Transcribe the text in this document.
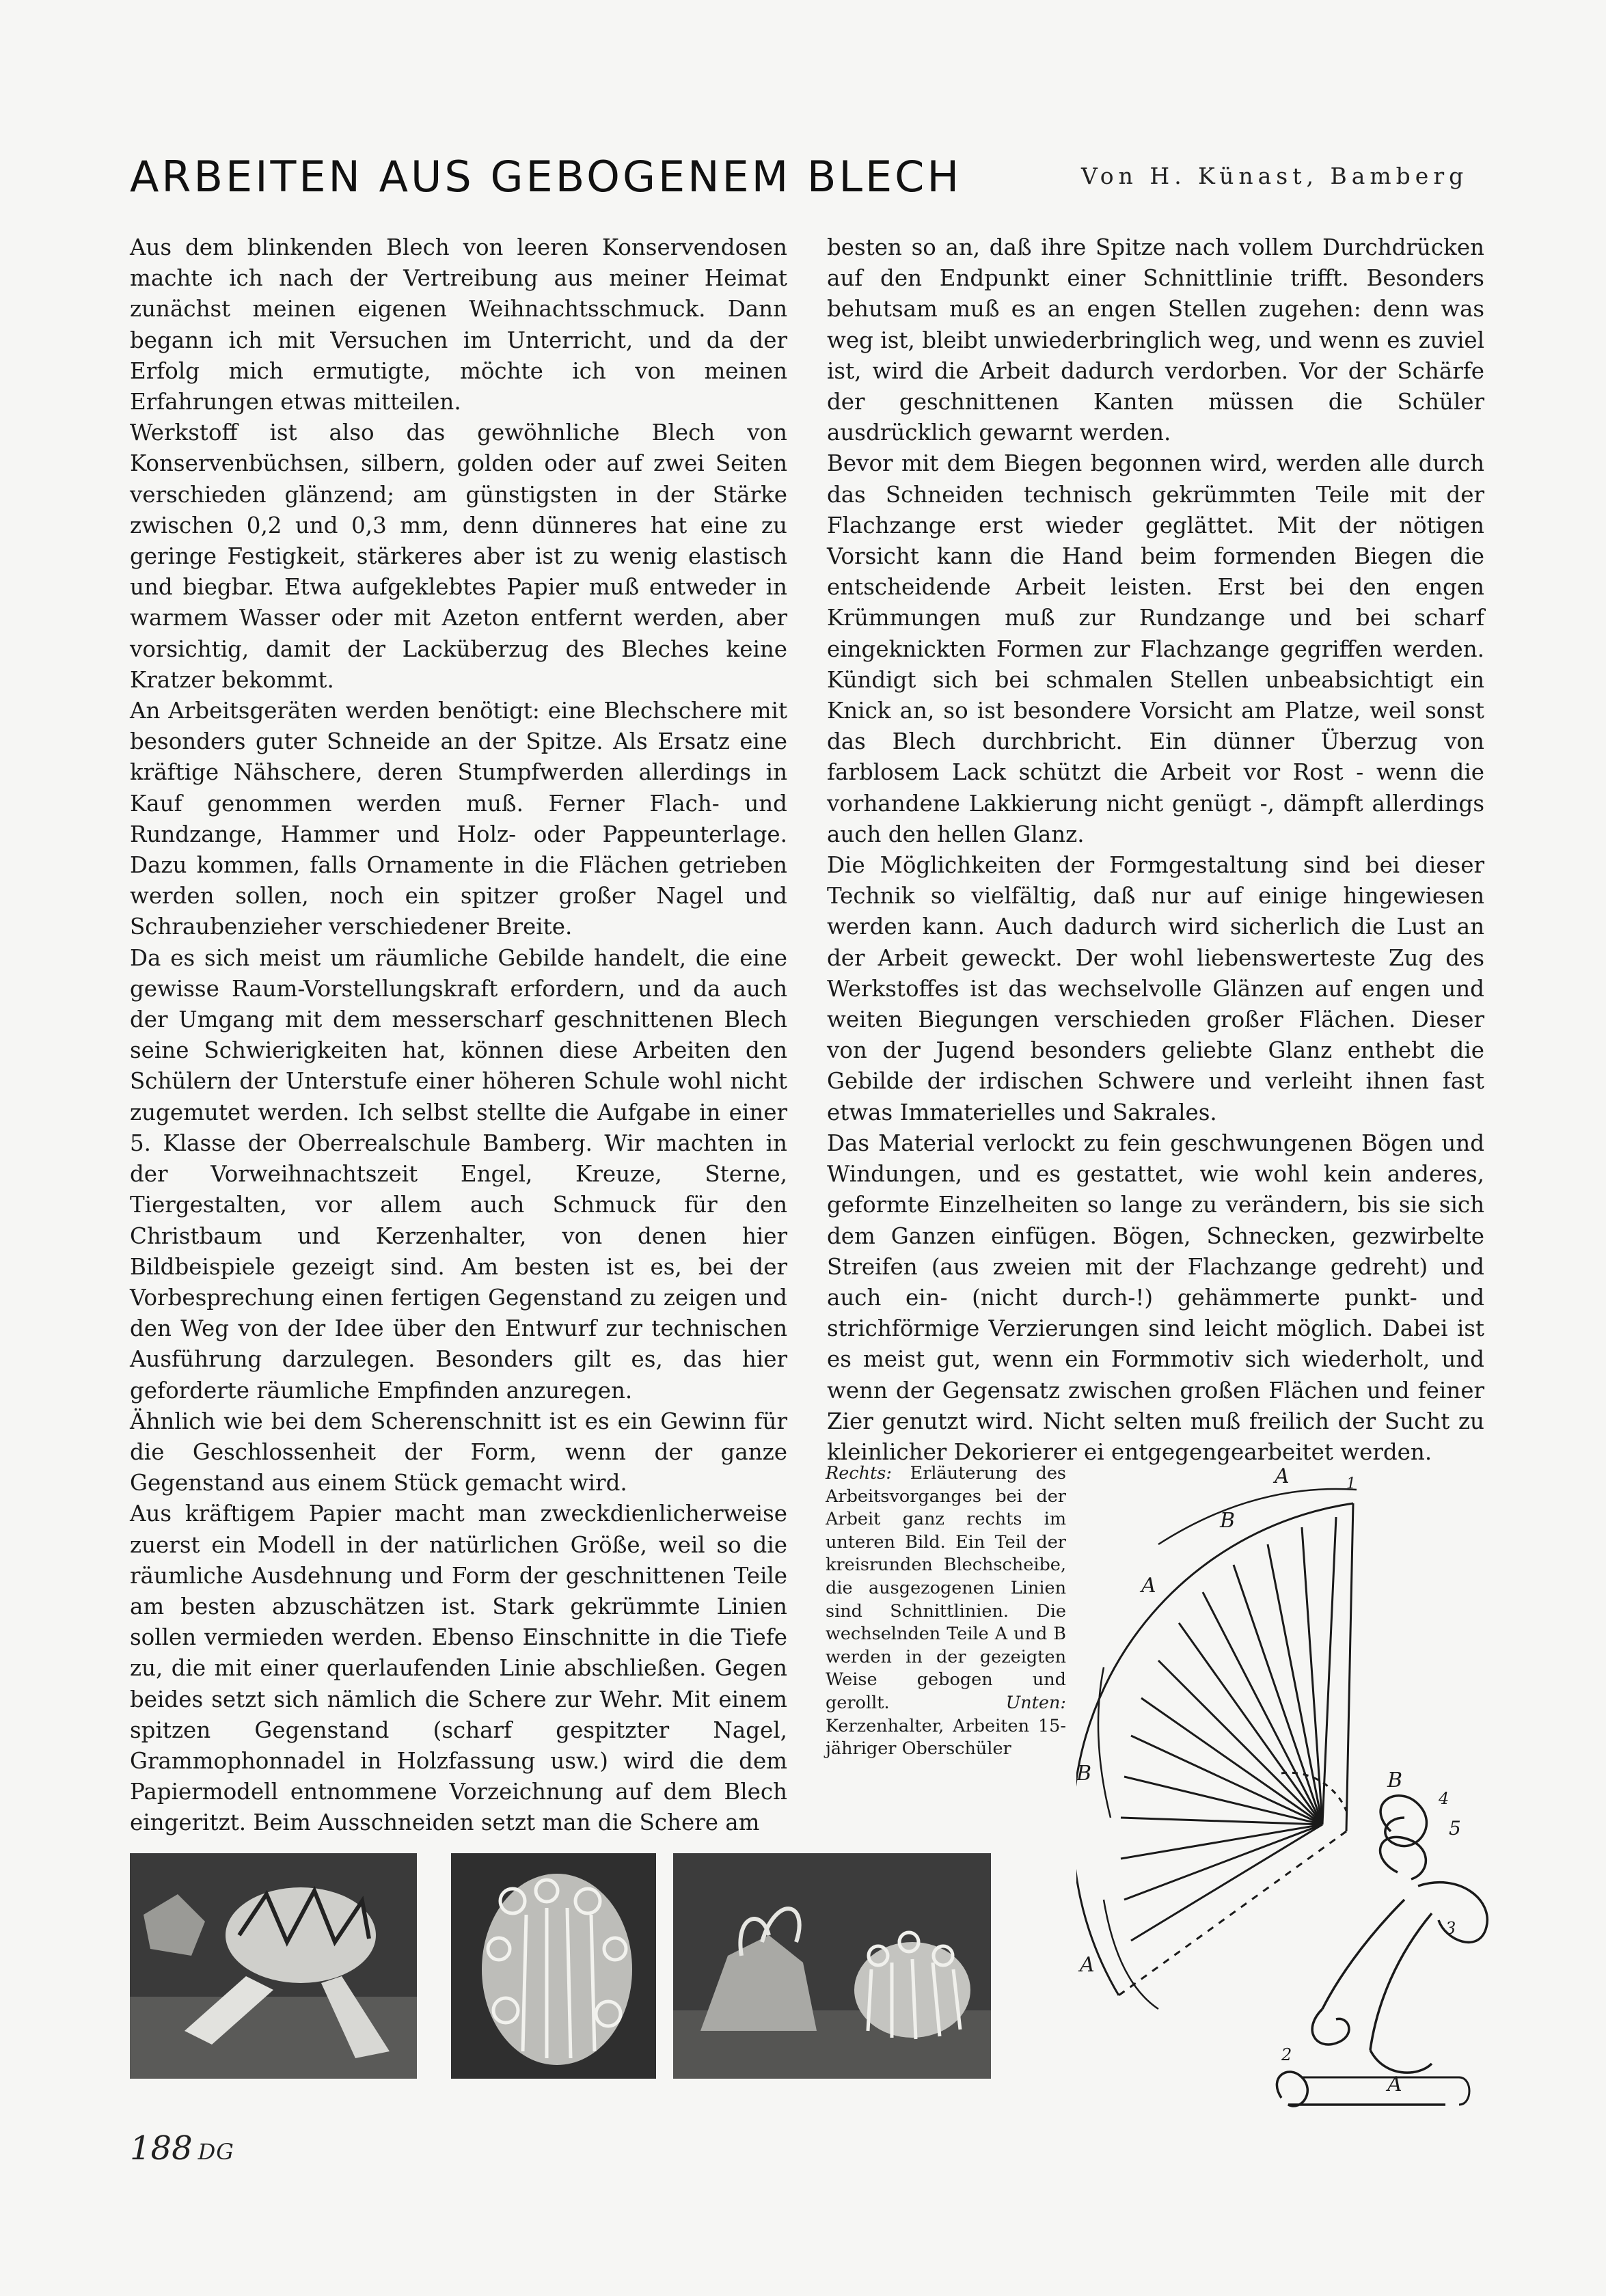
ARBEITEN AUS GEBOGENEM BLECH	Von H. Künast, Bamberg

Aus dem blinkenden Blech von leeren Konservendosen machte ich nach der Vertreibung aus meiner Heimat zunächst meinen eigenen Weihnachtsschmuck. Dann begann ich mit Versuchen im Unterricht, und da der Erfolg mich ermutigte, möchte ich von meinen Erfahrungen etwas mitteilen.

Werkstoff ist also das gewöhnliche Blech von Konservenbüchsen, silbern, golden oder auf zwei Seiten verschieden glänzend; am günstigsten in der Stärke zwischen 0,2 und 0,3 mm, denn dünneres hat eine zu geringe Festigkeit, stärkeres aber ist zu wenig elastisch und biegbar. Etwa aufgeklebtes Papier muß entweder in warmem Wasser oder mit Azeton entfernt werden, aber vorsichtig, damit der Lacküberzug des Bleches keine Kratzer bekommt.

An Arbeitsgeräten werden benötigt: eine Blechschere mit besonders guter Schneide an der Spitze. Als Ersatz eine kräftige Nähschere, deren Stumpfwerden allerdings in Kauf genommen werden muß. Ferner Flach- und Rundzange, Hammer und Holz- oder Pappeunterlage. Dazu kommen, falls Ornamente in die Flächen getrieben werden sollen, noch ein spitzer großer Nagel und Schraubenzieher verschiedener Breite.

Da es sich meist um räumliche Gebilde handelt, die eine gewisse Raum-Vorstellungskraft erfordern, und da auch der Umgang mit dem messerscharf geschnittenen Blech seine Schwierigkeiten hat, können diese Arbeiten den Schülern der Unterstufe einer höheren Schule wohl nicht zugemutet werden. Ich selbst stellte die Aufgabe in einer 5. Klasse der Oberrealschule Bamberg. Wir machten in der Vorweihnachtszeit Engel, Kreuze, Sterne, Tiergestalten, vor allem auch Schmuck für den Christbaum und Kerzenhalter, von denen hier Bildbeispiele gezeigt sind. Am besten ist es, bei der Vorbesprechung einen fertigen Gegenstand zu zeigen und den Weg von der Idee über den Entwurf zur technischen Ausführung darzulegen. Besonders gilt es, das hier geforderte räumliche Empfinden anzuregen.

Ähnlich wie bei dem Scherenschnitt ist es ein Gewinn für die Geschlossenheit der Form, wenn der ganze Gegenstand aus einem Stück gemacht wird.

Aus kräftigem Papier macht man zweckdienlicherweise zuerst ein Modell in der natürlichen Größe, weil so die räumliche Ausdehnung und Form der geschnittenen Teile am besten abzuschätzen ist. Stark gekrümmte Linien sollen vermieden werden. Ebenso Einschnitte in die Tiefe zu, die mit einer querlaufenden Linie abschließen. Gegen beides setzt sich nämlich die Schere zur Wehr. Mit einem spitzen Gegenstand (scharf gespitzter Nagel, Grammophonnadel in Holzfassung usw.) wird die dem Papiermodell entnommene Vorzeichnung auf dem Blech eingeritzt. Beim Ausschneiden setzt man die Schere am

besten so an, daß ihre Spitze nach vollem Durchdrücken auf den Endpunkt einer Schnittlinie trifft. Besonders behutsam muß es an engen Stellen zugehen: denn was weg ist, bleibt unwiederbringlich weg, und wenn es zuviel ist, wird die Arbeit dadurch verdorben. Vor der Schärfe der geschnittenen Kanten müssen die Schüler ausdrücklich gewarnt werden.

Bevor mit dem Biegen begonnen wird, werden alle durch das Schneiden technisch gekrümmten Teile mit der Flachzange erst wieder geglättet. Mit der nötigen Vorsicht kann die Hand beim formenden Biegen die entscheidende Arbeit leisten. Erst bei den engen Krümmungen muß zur Rundzange und bei scharf eingeknickten Formen zur Flachzange gegriffen werden. Kündigt sich bei schmalen Stellen unbeabsichtigt ein Knick an, so ist besondere Vorsicht am Platze, weil sonst das Blech durchbricht. Ein dünner Überzug von farblosem Lack schützt die Arbeit vor Rost - wenn die vorhandene Lakkierung nicht genügt -, dämpft allerdings auch den hellen Glanz.

Die Möglichkeiten der Formgestaltung sind bei dieser Technik so vielfältig, daß nur auf einige hingewiesen werden kann. Auch dadurch wird sicherlich die Lust an der Arbeit geweckt. Der wohl liebenswerteste Zug des Werkstoffes ist das wechselvolle Glänzen auf engen und weiten Biegungen verschieden großer Flächen. Dieser von der Jugend besonders geliebte Glanz enthebt die Gebilde der irdischen Schwere und verleiht ihnen fast etwas Immaterielles und Sakrales.

Das Material verlockt zu fein geschwungenen Bögen und Windungen, und es gestattet, wie wohl kein anderes, geformte Einzelheiten so lange zu verändern, bis sie sich dem Ganzen einfügen. Bögen, Schnecken, gezwirbelte Streifen (aus zweien mit der Flachzange gedreht) und auch ein- (nicht durch-!) gehämmerte punkt- und strichförmige Verzierungen sind leicht möglich. Dabei ist es meist gut, wenn ein Formmotiv sich wiederholt, und wenn der Gegensatz zwischen großen Flächen und feiner Zier genutzt wird. Nicht selten muß freilich der Sucht zu kleinlicher Dekorierer ei entgegengearbeitet werden.

Rechts: Erläuterung des Arbeitsvorganges bei der Arbeit ganz rechts im unteren Bild. Ein Teil der kreisrunden Blechscheibe, die ausgezogenen Linien sind Schnittlinien. Die wechselnden Teile A und B werden in der gezeigten Weise gebogen und gerollt.	Unten: Kerzenhalter, Arbeiten 15-jähriger Oberschüler
A
A
A
A
B
B	B
1
2
3
4
5
188 DG
